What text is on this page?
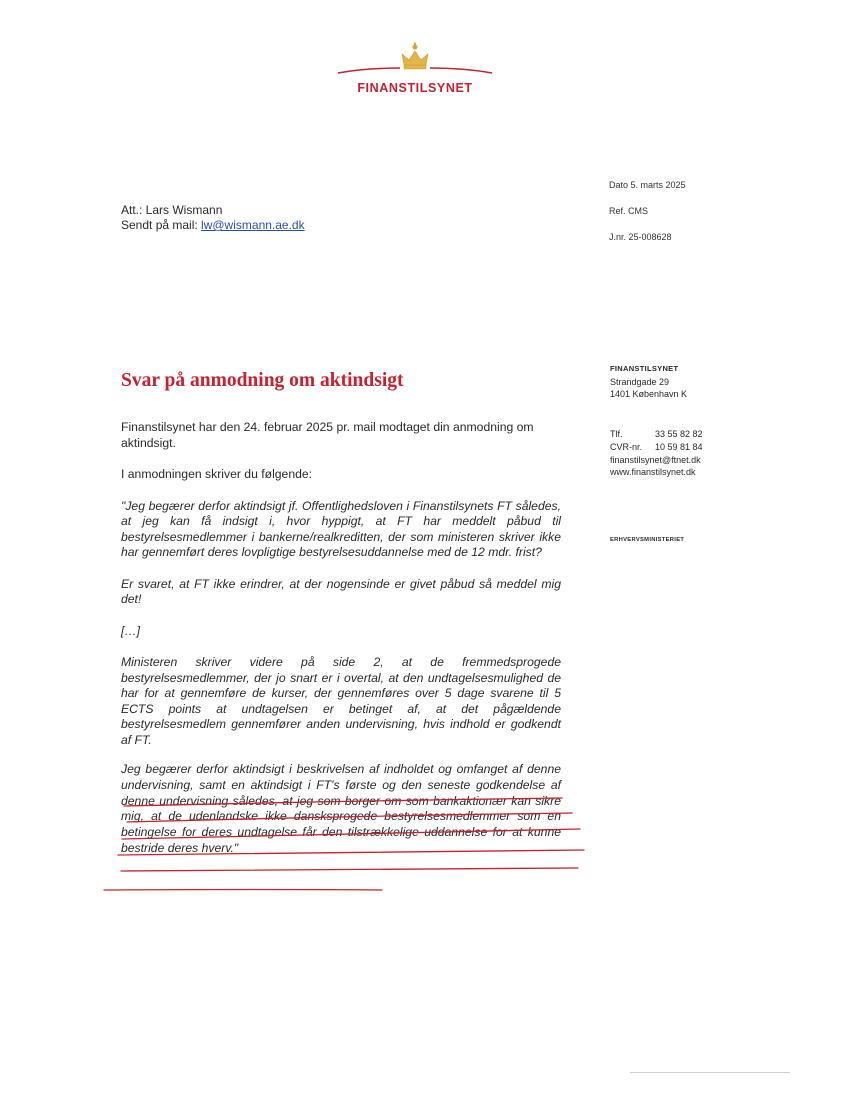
FINANSTILSYNET
Att.: Lars Wismann
Sendt på mail: lw@wismann.ae.dk
Dato 5. marts 2025
Ref. CMS
J.nr. 25-008628
Svar på anmodning om aktindsigt

Finanstilsynet har den 24. februar 2025 pr. mail modtaget din anmodning om aktindsigt.

I anmodningen skriver du følgende:

"Jeg begærer derfor aktindsigt jf. Offentlighedsloven i Finanstilsynets FT således, at jeg kan få indsigt i, hvor hyppigt, at FT har meddelt påbud til bestyrelsesmedlemmer i bankerne/realkreditten, der som ministeren skriver ikke har gennemført deres lovpligtige bestyrelsesuddannelse med de 12 mdr. frist?

Er svaret, at FT ikke erindrer, at der nogensinde er givet påbud så meddel mig det!

[…]

Ministeren skriver videre på side 2, at de fremmedsprogede bestyrelsesmedlemmer, der jo snart er i overtal, at den undtagelsesmulighed de har for at gennemføre de kurser, der gennemføres over 5 dage svarene til 5 ECTS points at undtagelsen er betinget af, at det pågældende bestyrelsesmedlem gennemfører anden undervisning, hvis indhold er godkendt af FT.

Jeg begærer derfor aktindsigt i beskrivelsen af indholdet og omfanget af denne undervisning, samt en aktindsigt i FT's første og den seneste godkendelse af denne undervisning således, at jeg som borger om som bankaktionær kan sikre mig, at de udenlandske ikke dansksprogede bestyrelsesmedlemmer som en betingelse for deres undtagelse får den tilstrækkelige uddannelse for at kunne bestride deres hverv."

FINANSTILSYNET
Strandgade 29
1401 København K
Tlf.	33 55 82 82
CVR-nr. 10 59 81 84
finanstilsynet@ftnet.dk
www.finanstilsynet.dk
ERHVERVSMINISTERIET
